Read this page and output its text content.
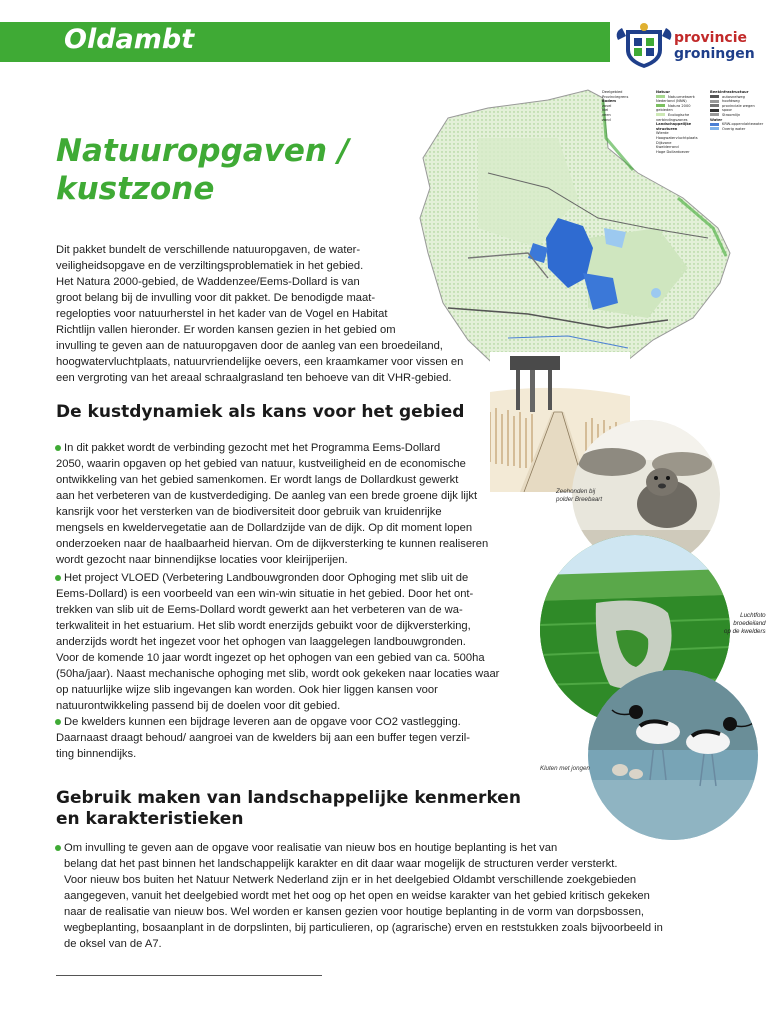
Oldambt	provincie
groningen
Deelgebied
Provinciegrens
Bodem
zavel
klei
veen
zand
Natuur
Natuurnetwerk Nederland (NNN)
Natura 2000 gebieden
Ecologische verbindingszones
Landschappelijke structuren
Wierde
Hoogwatervluchtplaats
Dijkzone
Kwelderrand
Hoge Dollardoever
Beekinfrastructuur
autosnelweg
hoofdweg
provinciale wegen
spoor
Stroomlijn
Water
KRW-oppervlaktewater
Overig water
Natuuropgaven /
kustzone
Dit pakket bundelt de verschillende natuuropgaven, de water-
veiligheidsopgave en de verziltingsproblematiek in het gebied.
Het Natura 2000-gebied, de Waddenzee/Eems-Dollard is van
groot belang bij de invulling voor dit pakket. De benodigde maat-
regelopties voor natuurherstel in het kader van de Vogel en Habitat
Richtlijn vallen hieronder. Er worden kansen gezien in het gebied om
invulling te geven aan de natuuropgaven door de aanleg van een broedeiland,
hoogwatervluchtplaats, natuurvriendelijke oevers, een kraamkamer voor vissen en
een vergroting van het areaal schraalgrasland ten behoeve van dit VHR-gebied.
De Kiekkaaste
De kustdynamiek als kans voor het gebied
In dit pakket wordt de verbinding gezocht met het Programma Eems-Dollard
2050, waarin opgaven op het gebied van natuur, kustveiligheid en de economische
ontwikkeling van het gebied samenkomen. Er wordt langs de Dollardkust gewerkt
aan het verbeteren van de kustverdediging. De aanleg van een brede groene dijk lijkt
kansrijk voor het versterken van de biodiversiteit door gebruik van kruidenrijke
mengsels en kweldervegetatie aan de Dollardzijde van de dijk. Op dit moment lopen
onderzoeken naar de haalbaarheid hiervan. Om de dijkversterking te kunnen realiseren
wordt gezocht naar binnendijkse locaties voor kleirijperijen.
Zeehonden bij
polder Breebaart
Het project VLOED (Verbetering Landbouwgronden door Ophoging met slib uit de
Eems-Dollard) is een voorbeeld van een win-win situatie in het gebied. Door het ont-
trekken van slib uit de Eems-Dollard wordt gewerkt aan het verbeteren van de wa-
terkwaliteit in het estuarium. Het slib wordt enerzijds gebuikt voor de dijkversterking,
anderzijds wordt het ingezet voor het ophogen van laaggelegen landbouwgronden.
Voor de komende 10 jaar wordt ingezet op het ophogen van een gebied van ca. 500ha
(50ha/jaar). Naast mechanische ophoging met slib, wordt ook gekeken naar locaties waar
op natuurlijke wijze slib ingevangen kan worden. Ook hier liggen kansen voor
natuurontwikkeling passend bij de doelen voor dit gebied.
Luchtfoto
broedeiland
op de kwelders
De kwelders kunnen een bijdrage leveren aan de opgave voor CO2 vastlegging.
Daarnaast draagt behoud/ aangroei van de kwelders bij aan een buffer tegen verzil-
ting binnendijks.
Kluten met jongen
Gebruik maken van landschappelijke kenmerken
en karakteristieken
Om invulling te geven aan de opgave voor realisatie van nieuw bos en houtige beplanting is het van
belang dat het past binnen het landschappelijk karakter en dit daar waar mogelijk de structuren verder versterkt.
Voor nieuw bos buiten het Natuur Netwerk Nederland zijn er in het deelgebied Oldambt verschillende zoekgebieden
aangegeven, vanuit het deelgebied wordt met het oog op het open en weidse karakter van het gebied kritisch gekeken
naar de realisatie van nieuw bos. Wel worden er kansen gezien voor houtige beplanting in de vorm van dorpsbossen,
wegbeplanting, bosaanplant in de dorpslinten, bij particulieren, op (agrarische) erven en reststukken zoals bijvoorbeeld in
de oksel van de A7.
